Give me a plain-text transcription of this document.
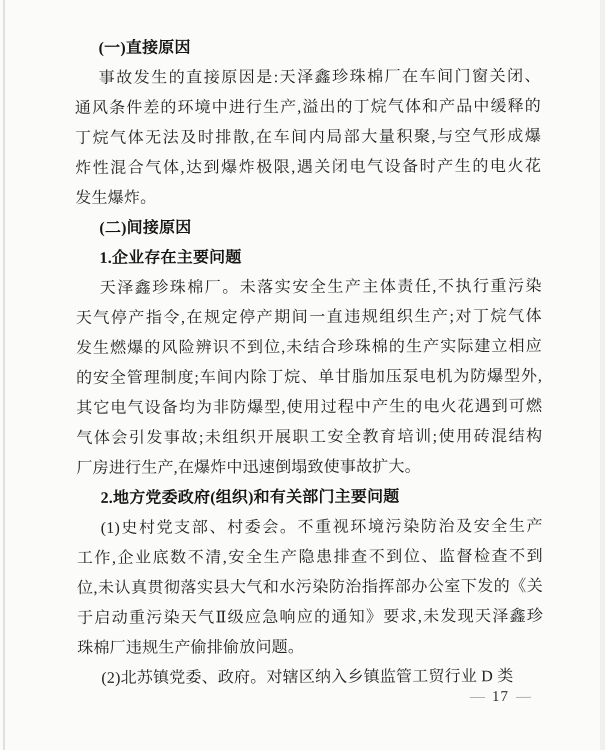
(一)直接原因
事故发生的直接原因是:天泽鑫珍珠棉厂在车间门窗关闭、
通风条件差的环境中进行生产,溢出的丁烷气体和产品中缓释的
丁烷气体无法及时排散,在车间内局部大量积聚,与空气形成爆
炸性混合气体,达到爆炸极限,遇关闭电气设备时产生的电火花
发生爆炸。
(二)间接原因
1.企业存在主要问题
天泽鑫珍珠棉厂。未落实安全生产主体责任,不执行重污染
天气停产指令,在规定停产期间一直违规组织生产;对丁烷气体
发生燃爆的风险辨识不到位,未结合珍珠棉的生产实际建立相应
的安全管理制度;车间内除丁烷、单甘脂加压泵电机为防爆型外,
其它电气设备均为非防爆型,使用过程中产生的电火花遇到可燃
气体会引发事故;未组织开展职工安全教育培训;使用砖混结构
厂房进行生产,在爆炸中迅速倒塌致使事故扩大。
2.地方党委政府(组织)和有关部门主要问题
(1)史村党支部、村委会。不重视环境污染防治及安全生产
工作,企业底数不清,安全生产隐患排查不到位、监督检查不到
位,未认真贯彻落实县大气和水污染防治指挥部办公室下发的《关
于启动重污染天气Ⅱ级应急响应的通知》要求,未发现天泽鑫珍
珠棉厂违规生产偷排偷放问题。
(2)北苏镇党委、政府。对辖区纳入乡镇监管工贸行业 D 类
— 17 —
